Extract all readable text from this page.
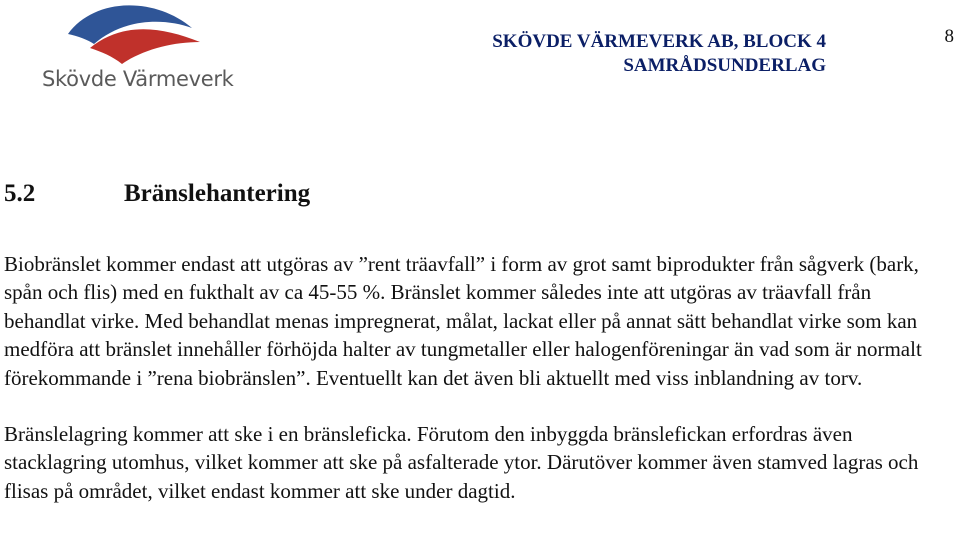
Skövde Värmeverk
SKÖVDE VÄRMEVERK AB, BLOCK 4
SAMRÅDSUNDERLAG
8
5.2	Bränslehantering

Biobränslet kommer endast att utgöras av ”rent träavfall” i form av grot samt biprodukter från sågverk (bark, spån och flis) med en fukthalt av ca 45-55 %. Bränslet kommer således inte att utgöras av träavfall från behandlat virke. Med behandlat menas impregnerat, målat, lackat eller på annat sätt behandlat virke som kan medföra att bränslet innehåller förhöjda halter av tungmetaller eller halogenföreningar än vad som är normalt förekommande i ”rena biobränslen”. Eventuellt kan det även bli aktuellt med viss inblandning av torv.

Bränslelagring kommer att ske i en bränsleficka. Förutom den inbyggda bränslefickan erfordras även stacklagring utomhus, vilket kommer att ske på asfalterade ytor. Därutöver kommer även stamved lagras och flisas på området, vilket endast kommer att ske under dagtid.
